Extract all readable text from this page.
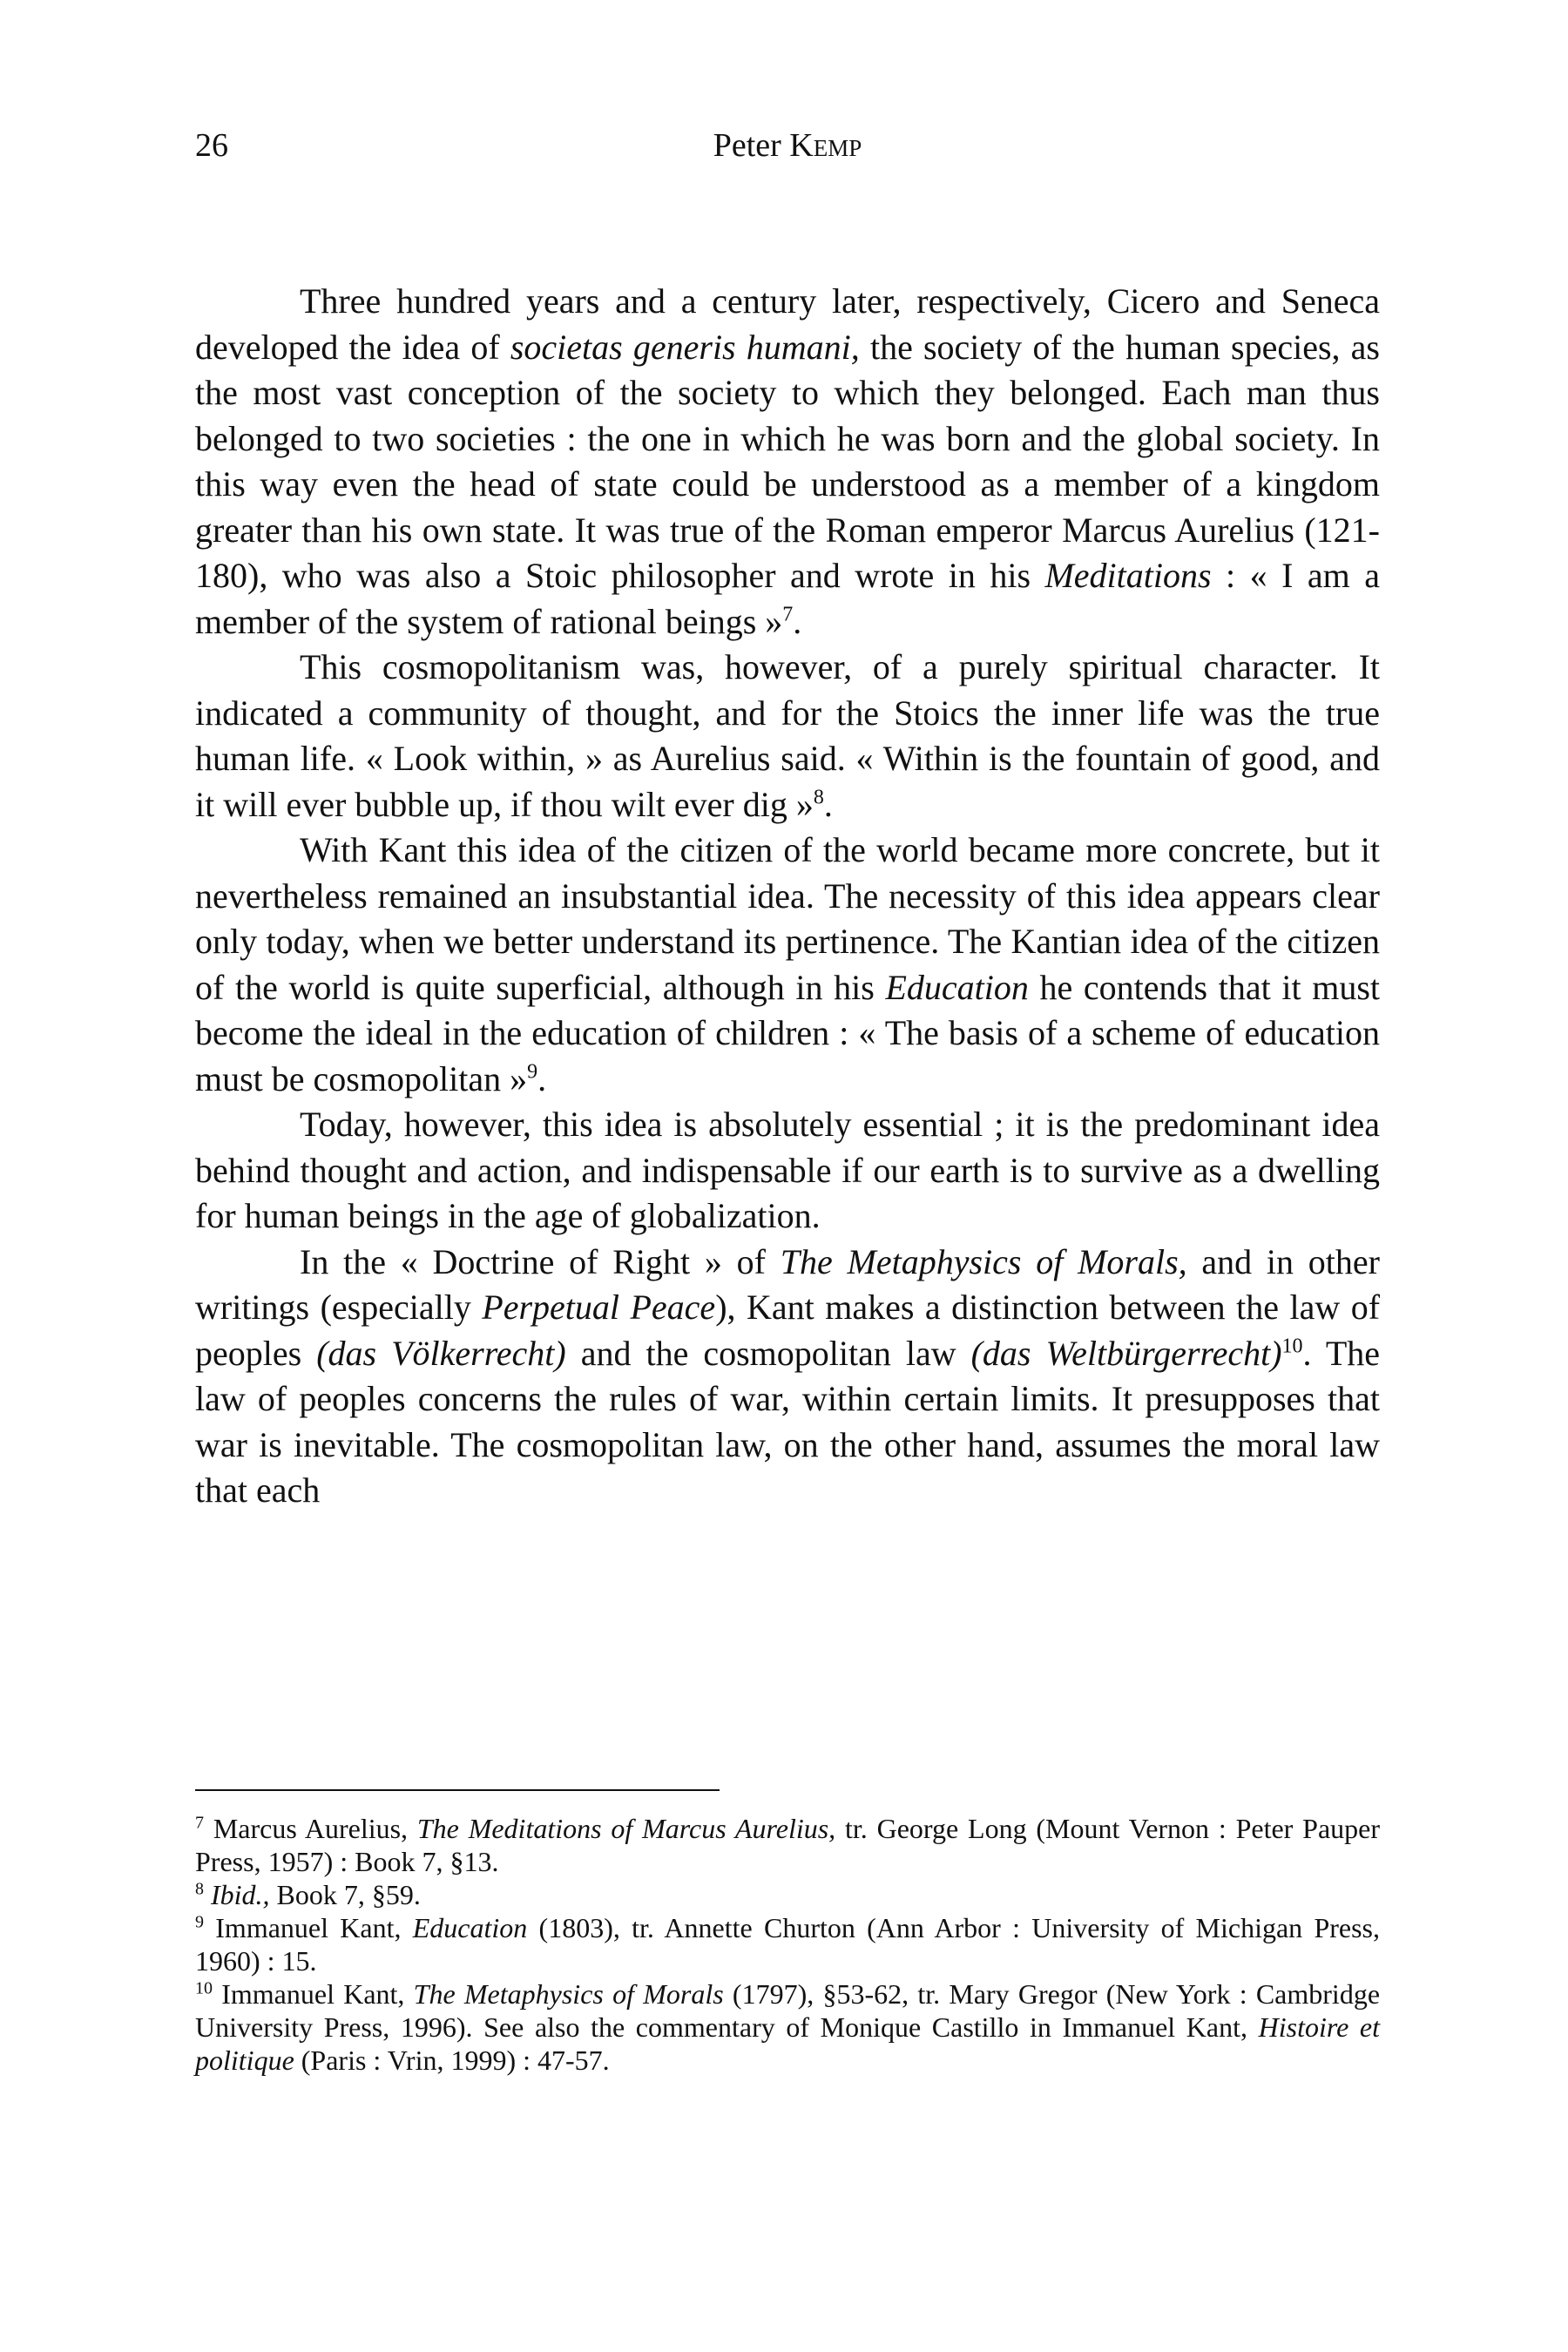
26	Peter Kemp

Three hundred years and a century later, respectively, Cicero and Seneca developed the idea of societas generis humani, the society of the human species, as the most vast conception of the society to which they belonged. Each man thus belonged to two societies : the one in which he was born and the global society. In this way even the head of state could be understood as a member of a kingdom greater than his own state. It was true of the Roman emperor Marcus Aurelius (121-180), who was also a Stoic philosopher and wrote in his Meditations : « I am a member of the system of rational beings »$^7$.

This cosmopolitanism was, however, of a purely spiritual character. It indicated a community of thought, and for the Stoics the inner life was the true human life. « Look within, » as Aurelius said. « Within is the fountain of good, and it will ever bubble up, if thou wilt ever dig »$^8$.

With Kant this idea of the citizen of the world became more concrete, but it nevertheless remained an insubstantial idea. The necessity of this idea appears clear only today, when we better understand its pertinence. The Kantian idea of the citizen of the world is quite superficial, although in his Education he contends that it must become the ideal in the education of children : « The basis of a scheme of education must be cosmopolitan »$^9$.

Today, however, this idea is absolutely essential ; it is the predominant idea behind thought and action, and indispensable if our earth is to survive as a dwelling for human beings in the age of globalization.

In the « Doctrine of Right » of The Metaphysics of Morals, and in other writings (especially Perpetual Peace), Kant makes a distinction between the law of peoples (das Völkerrecht) and the cosmopolitan law (das Weltbürgerrecht)$^{10}$. The law of peoples concerns the rules of war, within certain limits. It presupposes that war is inevitable. The cosmopolitan law, on the other hand, assumes the moral law that each

$^7$ Marcus Aurelius, The Meditations of Marcus Aurelius, tr. George Long (Mount Vernon : Peter Pauper Press, 1957) : Book 7, §13.

$^8$ Ibid., Book 7, §59.

$^9$ Immanuel Kant, Education (1803), tr. Annette Churton (Ann Arbor : University of Michigan Press, 1960) : 15.

$^{10}$ Immanuel Kant, The Metaphysics of Morals (1797), §53-62, tr. Mary Gregor (New York : Cambridge University Press, 1996). See also the commentary of Monique Castillo in Immanuel Kant, Histoire et politique (Paris : Vrin, 1999) : 47-57.
